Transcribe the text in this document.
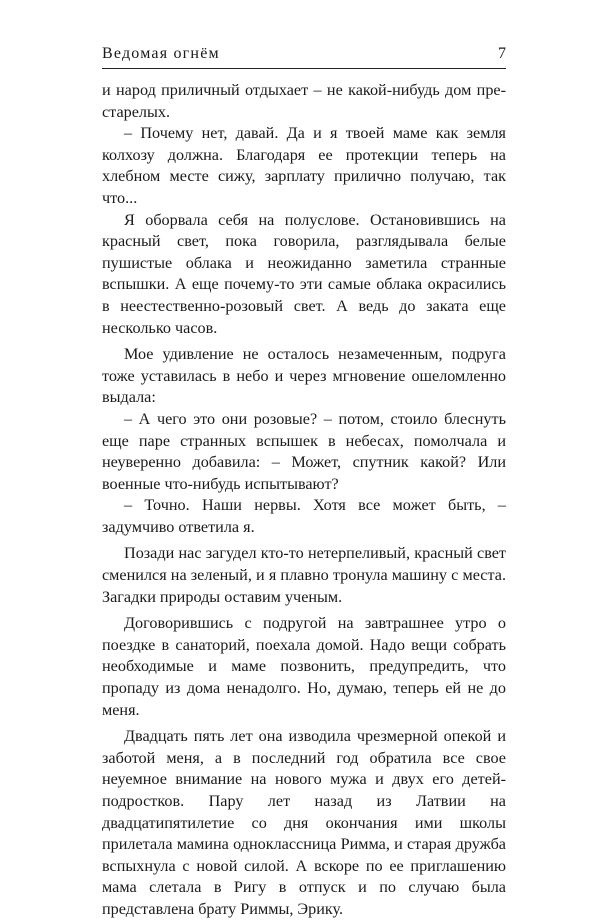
Ведомая огнём	7

и народ приличный отдыхает – не какой-нибудь дом престарелых.

– Почему нет, давай. Да и я твоей маме как земля колхозу должна. Благодаря ее протекции теперь на хлебном месте сижу, зарплату прилично получаю, так что...

Я оборвала себя на полуслове. Остановившись на красный свет, пока говорила, разглядывала белые пушистые облака и неожиданно заметила странные вспышки. А еще почему-то эти самые облака окрасились в неестественно-розовый свет. А ведь до заката еще несколько часов.

Мое удивление не осталось незамеченным, подруга тоже уставилась в небо и через мгновение ошеломленно выдала:

– А чего это они розовые? – потом, стоило блеснуть еще паре странных вспышек в небесах, помолчала и неуверенно добавила: – Может, спутник какой? Или военные что-нибудь испытывают?

– Точно. Наши нервы. Хотя все может быть, – задумчиво ответила я.

Позади нас загудел кто-то нетерпеливый, красный свет сменился на зеленый, и я плавно тронула машину с места. Загадки природы оставим ученым.

Договорившись с подругой на завтрашнее утро о поездке в санаторий, поехала домой. Надо вещи собрать необходимые и маме позвонить, предупредить, что пропаду из дома ненадолго. Но, думаю, теперь ей не до меня.

Двадцать пять лет она изводила чрезмерной опекой и заботой меня, а в последний год обратила все свое неуемное внимание на нового мужа и двух его детей-подростков. Пару лет назад из Латвии на двадцатипятилетие со дня окончания ими школы прилетала мамина одноклассница Римма, и старая дружба вспыхнула с новой силой. А вскоре по ее приглашению мама слетала в Ригу в отпуск и по случаю была представлена брату Риммы, Эрику.
